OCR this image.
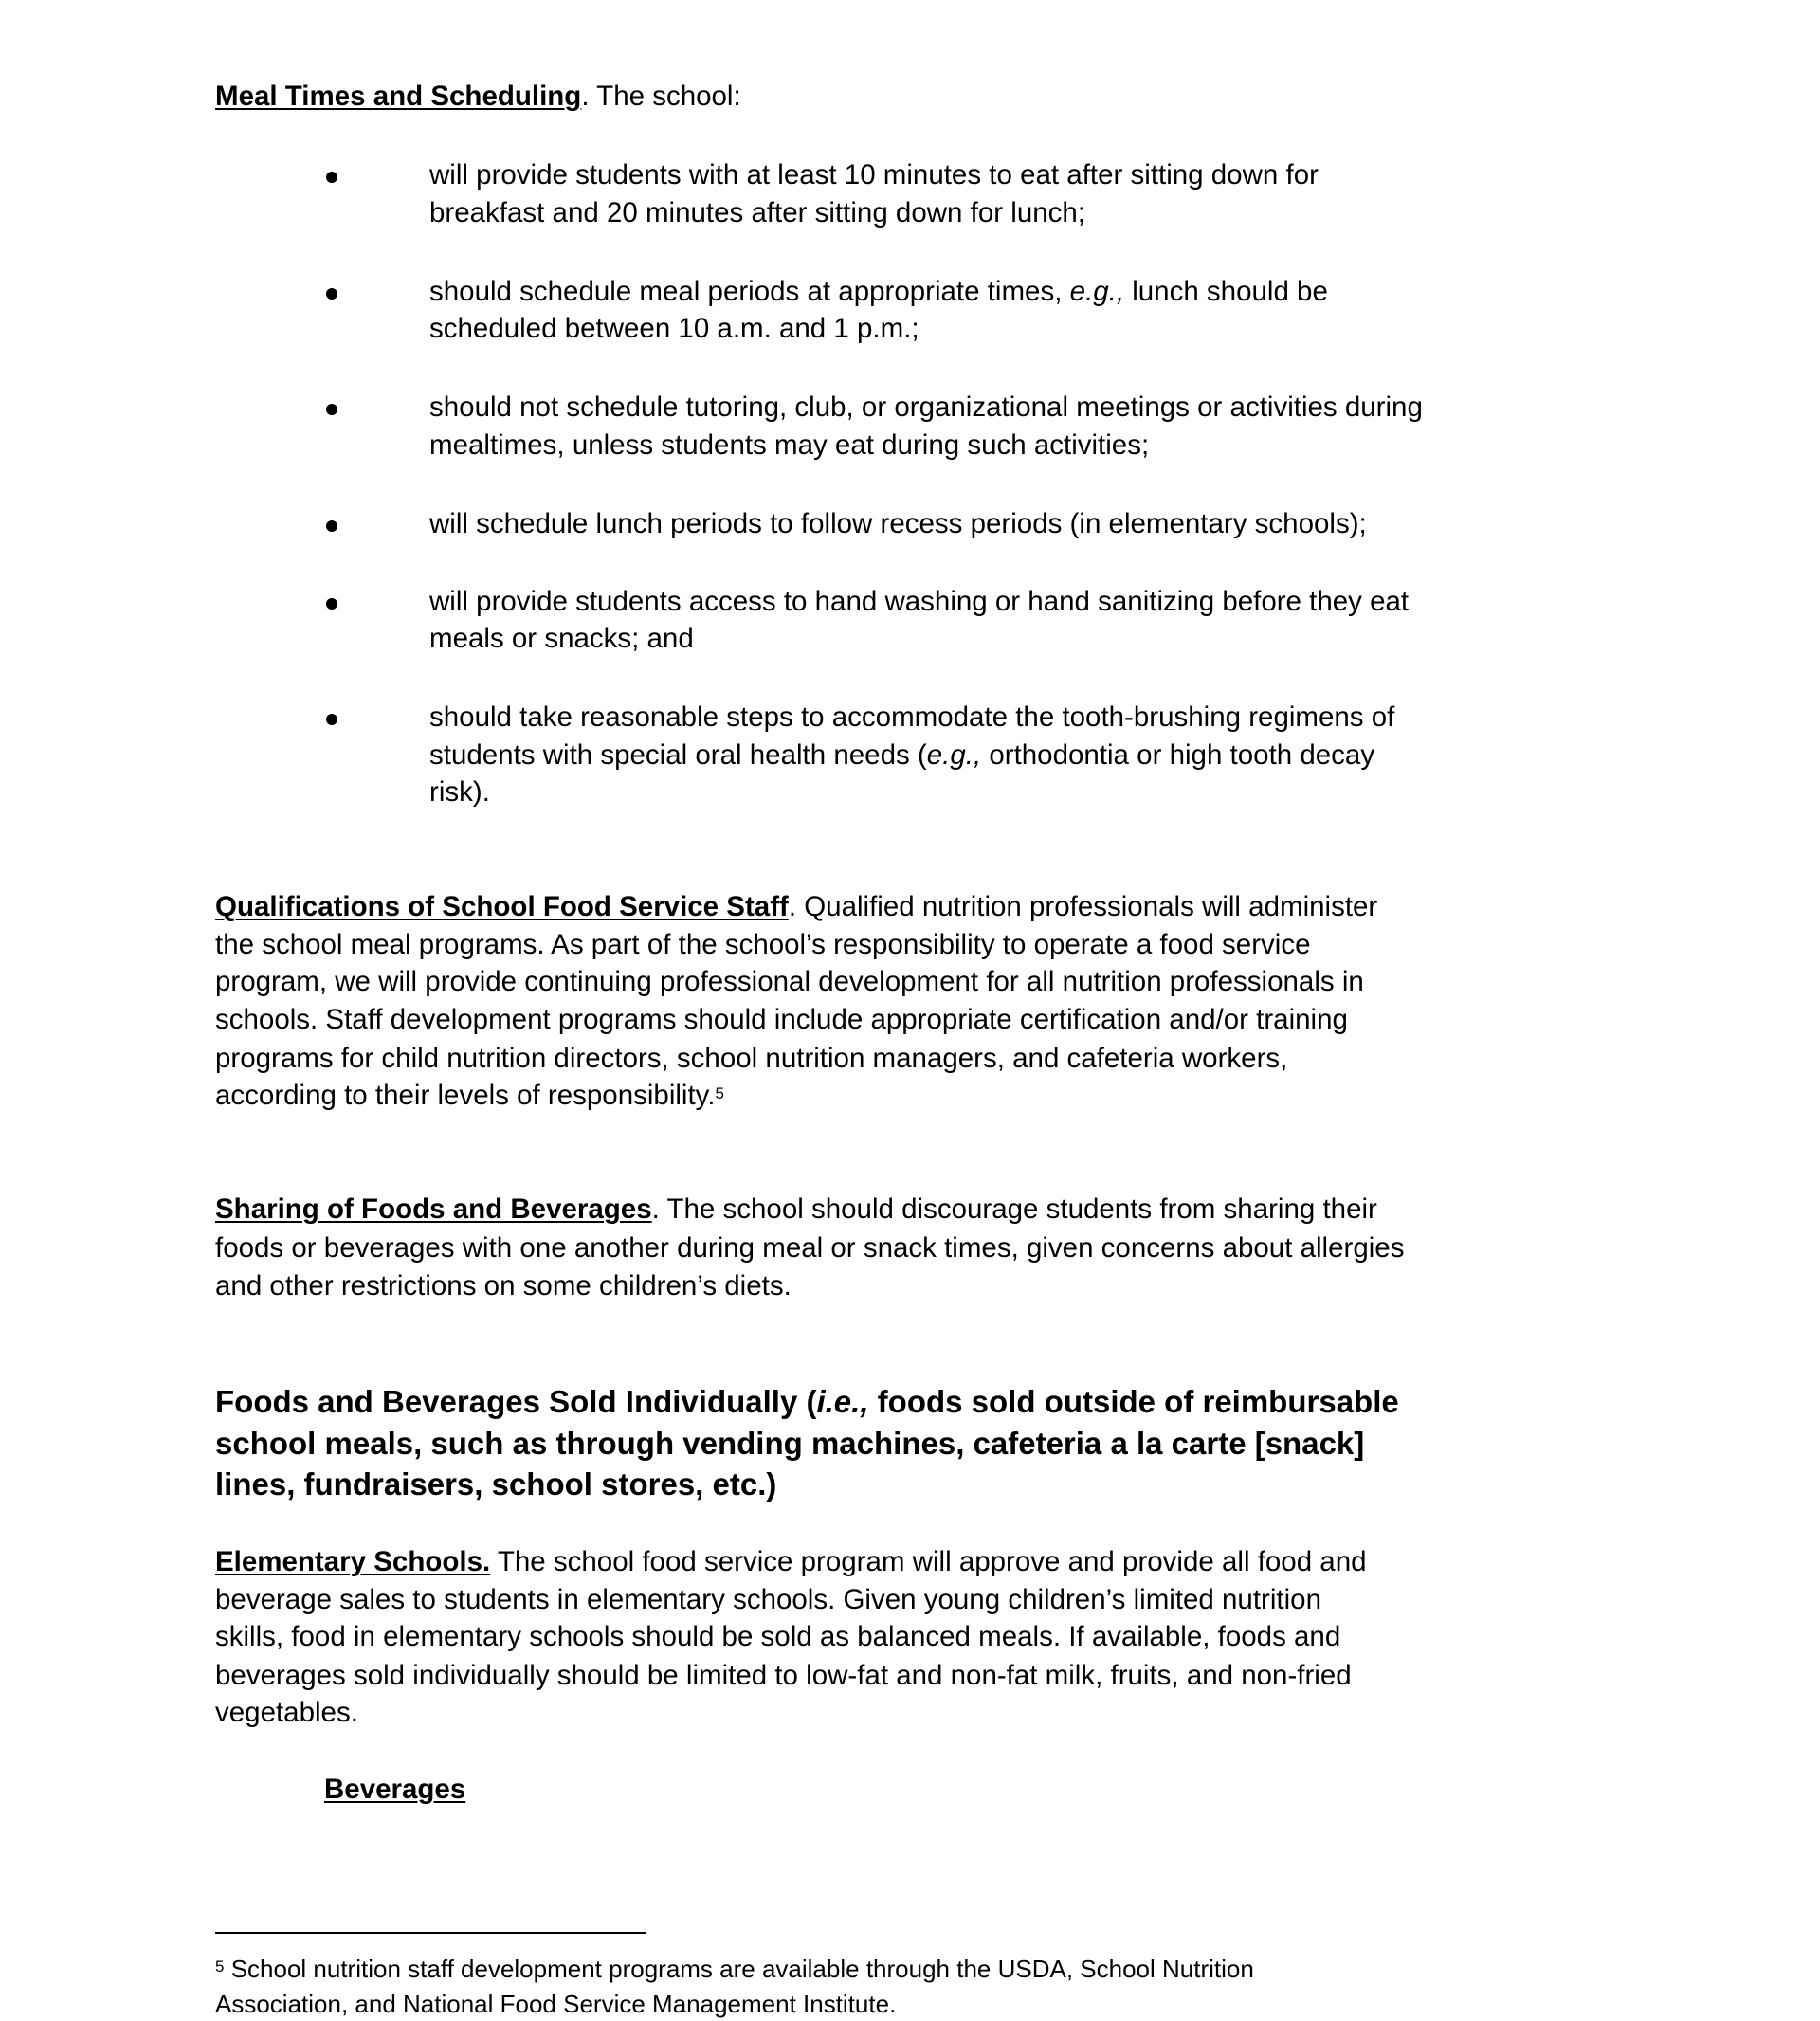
Meal Times and Scheduling. The school:
will provide students with at least 10 minutes to eat after sitting down for
breakfast and 20 minutes after sitting down for lunch;
should schedule meal periods at appropriate times, e.g., lunch should be
scheduled between 10 a.m. and 1 p.m.;
should not schedule tutoring, club, or organizational meetings or activities during
mealtimes, unless students may eat during such activities;
will schedule lunch periods to follow recess periods (in elementary schools);
will provide students access to hand washing or hand sanitizing before they eat
meals or snacks; and
should take reasonable steps to accommodate the tooth-brushing regimens of
students with special oral health needs (e.g., orthodontia or high tooth decay
risk).
Qualifications of School Food Service Staff. Qualified nutrition professionals will administer
the school meal programs. As part of the school’s responsibility to operate a food service
program, we will provide continuing professional development for all nutrition professionals in
schools. Staff development programs should include appropriate certification and/or training
programs for child nutrition directors, school nutrition managers, and cafeteria workers,
according to their levels of responsibility.$^5$
Sharing of Foods and Beverages. The school should discourage students from sharing their
foods or beverages with one another during meal or snack times, given concerns about allergies
and other restrictions on some children’s diets.
Foods and Beverages Sold Individually (i.e., foods sold outside of reimbursable
school meals, such as through vending machines, cafeteria a la carte [snack]
lines, fundraisers, school stores, etc.)
Elementary Schools. The school food service program will approve and provide all food and
beverage sales to students in elementary schools. Given young children’s limited nutrition
skills, food in elementary schools should be sold as balanced meals. If available, foods and
beverages sold individually should be limited to low-fat and non-fat milk, fruits, and non-fried
vegetables.
Beverages
$^5$ School nutrition staff development programs are available through the USDA, School Nutrition
Association, and National Food Service Management Institute.
